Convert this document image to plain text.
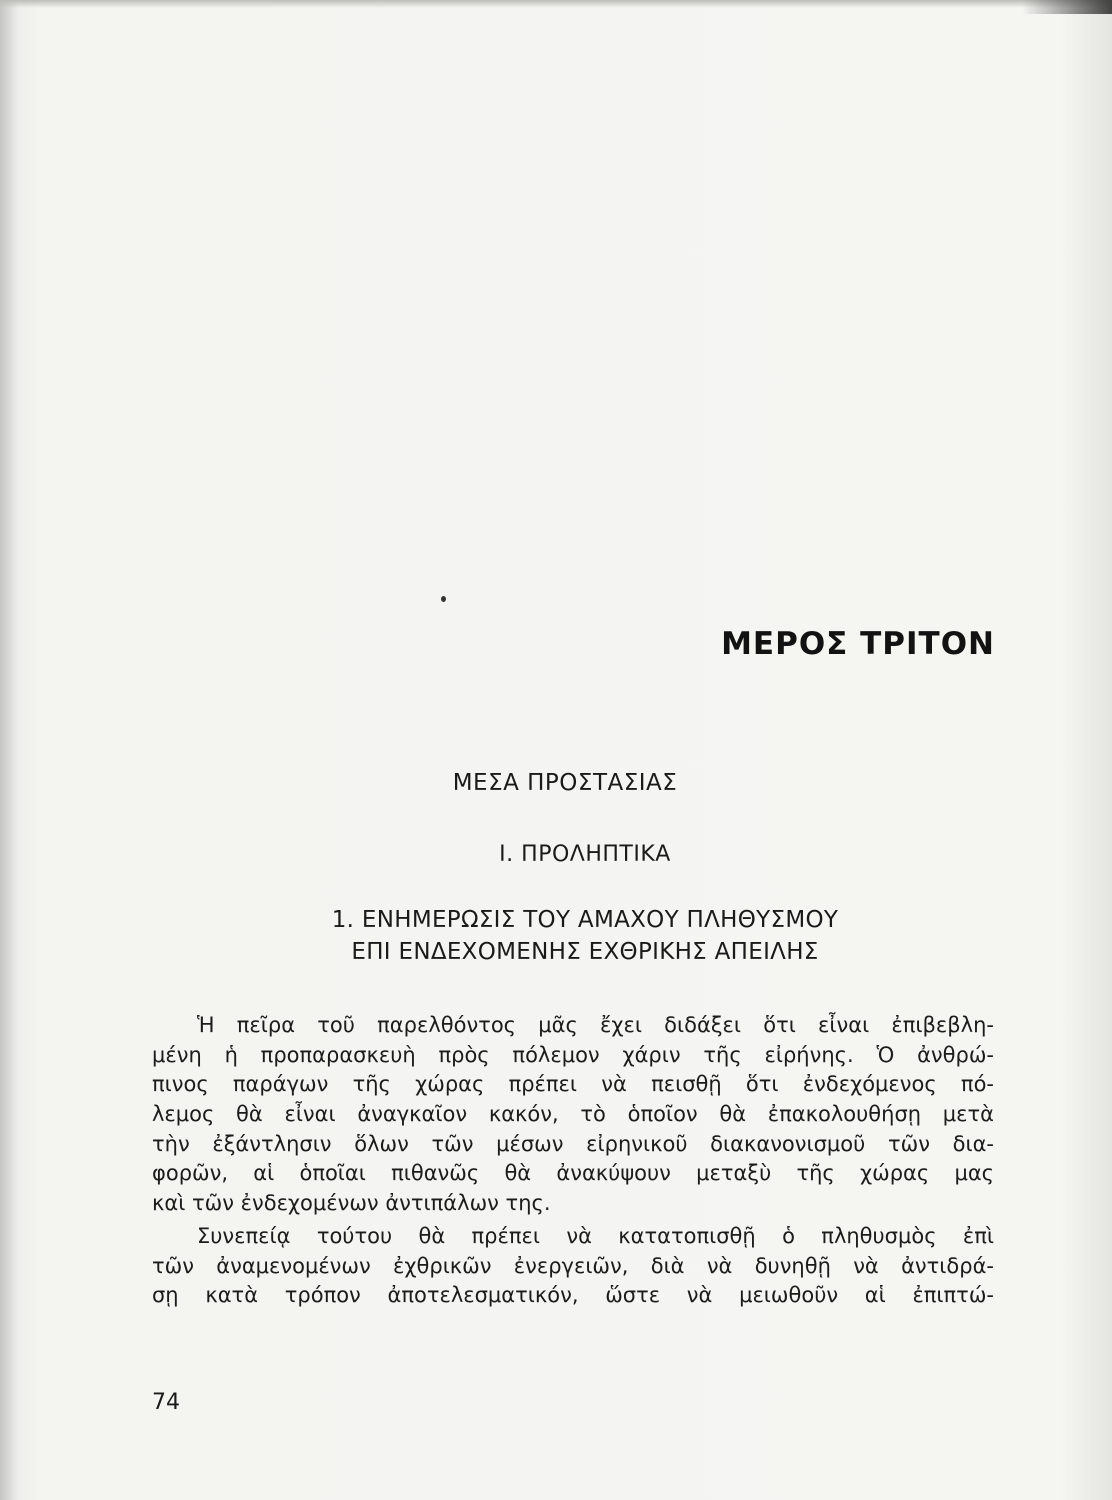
ΜΕΡΟΣ ΤΡΙΤΟΝ
ΜΕΣΑ ΠΡΟΣΤΑΣΙΑΣ
Ι. ΠΡΟΛΗΠΤΙΚΑ
1. ΕΝΗΜΕΡΩΣΙΣ ΤΟΥ ΑΜΑΧΟΥ ΠΛΗΘΥΣΜΟΥ
ΕΠΙ ΕΝΔΕΧΟΜΕΝΗΣ ΕΧΘΡΙΚΗΣ ΑΠΕΙΛΗΣ
Ἡ πεῖρα τοῦ παρελθόντος μᾶς ἔχει διδάξει ὅτι εἶναι ἐπιβεβλη-
μένη ἡ προπαρασκευὴ πρὸς πόλεμον χάριν τῆς εἰρήνης. Ὁ ἀνθρώ-
πινος παράγων τῆς χώρας πρέπει νὰ πεισθῇ ὅτι ἐνδεχόμενος πό-
λεμος θὰ εἶναι ἀναγκαῖον κακόν, τὸ ὁποῖον θὰ ἐπακολουθήσῃ μετὰ
τὴν ἐξάντλησιν ὅλων τῶν μέσων εἰρηνικοῦ διακανονισμοῦ τῶν δια-
φορῶν, αἱ ὁποῖαι πιθανῶς θὰ ἀνακύψουν μεταξὺ τῆς χώρας μας
καὶ τῶν ἐνδεχομένων ἀντιπάλων της.
Συνεπείᾳ τούτου θὰ πρέπει νὰ κατατοπισθῇ ὁ πληθυσμὸς ἐπὶ
τῶν ἀναμενομένων ἐχθρικῶν ἐνεργειῶν, διὰ νὰ δυνηθῇ νὰ ἀντιδρά-
σῃ κατὰ τρόπον ἀποτελεσματικόν, ὥστε νὰ μειωθοῦν αἱ ἐπιπτώ-
74
